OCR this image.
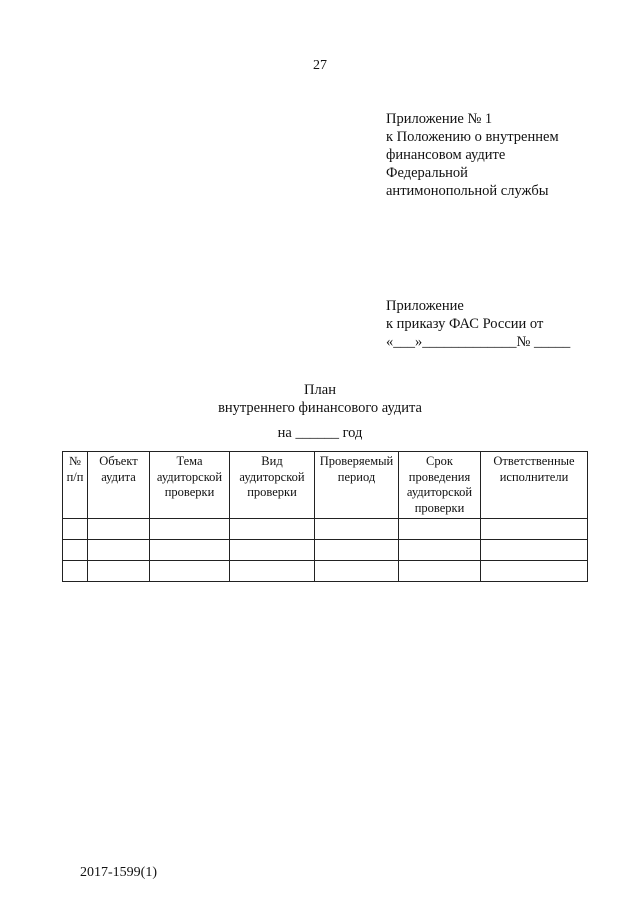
27
Приложение № 1
к Положению о внутреннем
финансовом аудите
Федеральной
антимонопольной службы
Приложение
к приказу ФАС России от
«___»_____________№ _____
План
внутреннего финансового аудита
на ______ год
№ п/п	Объект аудита	Тема аудиторской проверки	Вид аудиторской проверки	Проверяемый период	Срок проведения аудиторской проверки	Ответственные исполнители

2017-1599(1)
